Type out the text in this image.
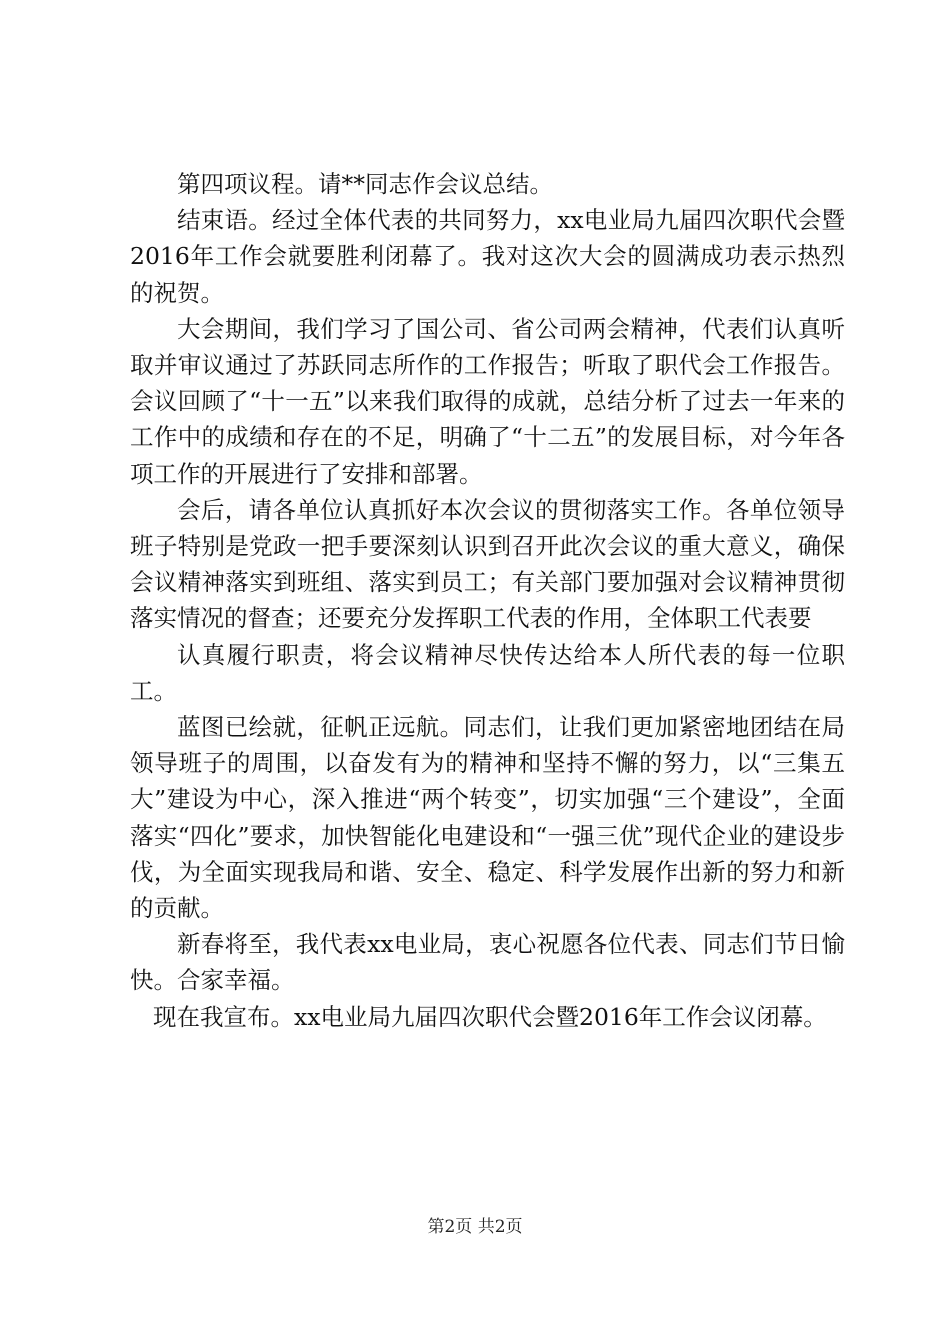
第四项议程。请**同志作会议总结。

结束语。经过全体代表的共同努力，xx电业局九届四次职代会暨2016年工作会就要胜利闭幕了。我对这次大会的圆满成功表示热烈的祝贺。

大会期间，我们学习了国公司、省公司两会精神，代表们认真听取并审议通过了苏跃同志所作的工作报告；听取了职代会工作报告。会议回顾了“十一五”以来我们取得的成就，总结分析了过去一年来的工作中的成绩和存在的不足，明确了“十二五”的发展目标，对今年各项工作的开展进行了安排和部署。

会后，请各单位认真抓好本次会议的贯彻落实工作。各单位领导班子特别是党政一把手要深刻认识到召开此次会议的重大意义，确保会议精神落实到班组、落实到员工；有关部门要加强对会议精神贯彻落实情况的督查；还要充分发挥职工代表的作用，全体职工代表要

认真履行职责，将会议精神尽快传达给本人所代表的每一位职工。

蓝图已绘就，征帆正远航。同志们，让我们更加紧密地团结在局领导班子的周围，以奋发有为的精神和坚持不懈的努力，以“三集五大”建设为中心，深入推进“两个转变”，切实加强“三个建设”，全面落实“四化”要求，加快智能化电建设和“一强三优”现代企业的建设步伐，为全面实现我局和谐、安全、稳定、科学发展作出新的努力和新的贡献。

新春将至，我代表xx电业局，衷心祝愿各位代表、同志们节日愉快。合家幸福。

现在我宣布。xx电业局九届四次职代会暨2016年工作会议闭幕。

第2页 共2页
